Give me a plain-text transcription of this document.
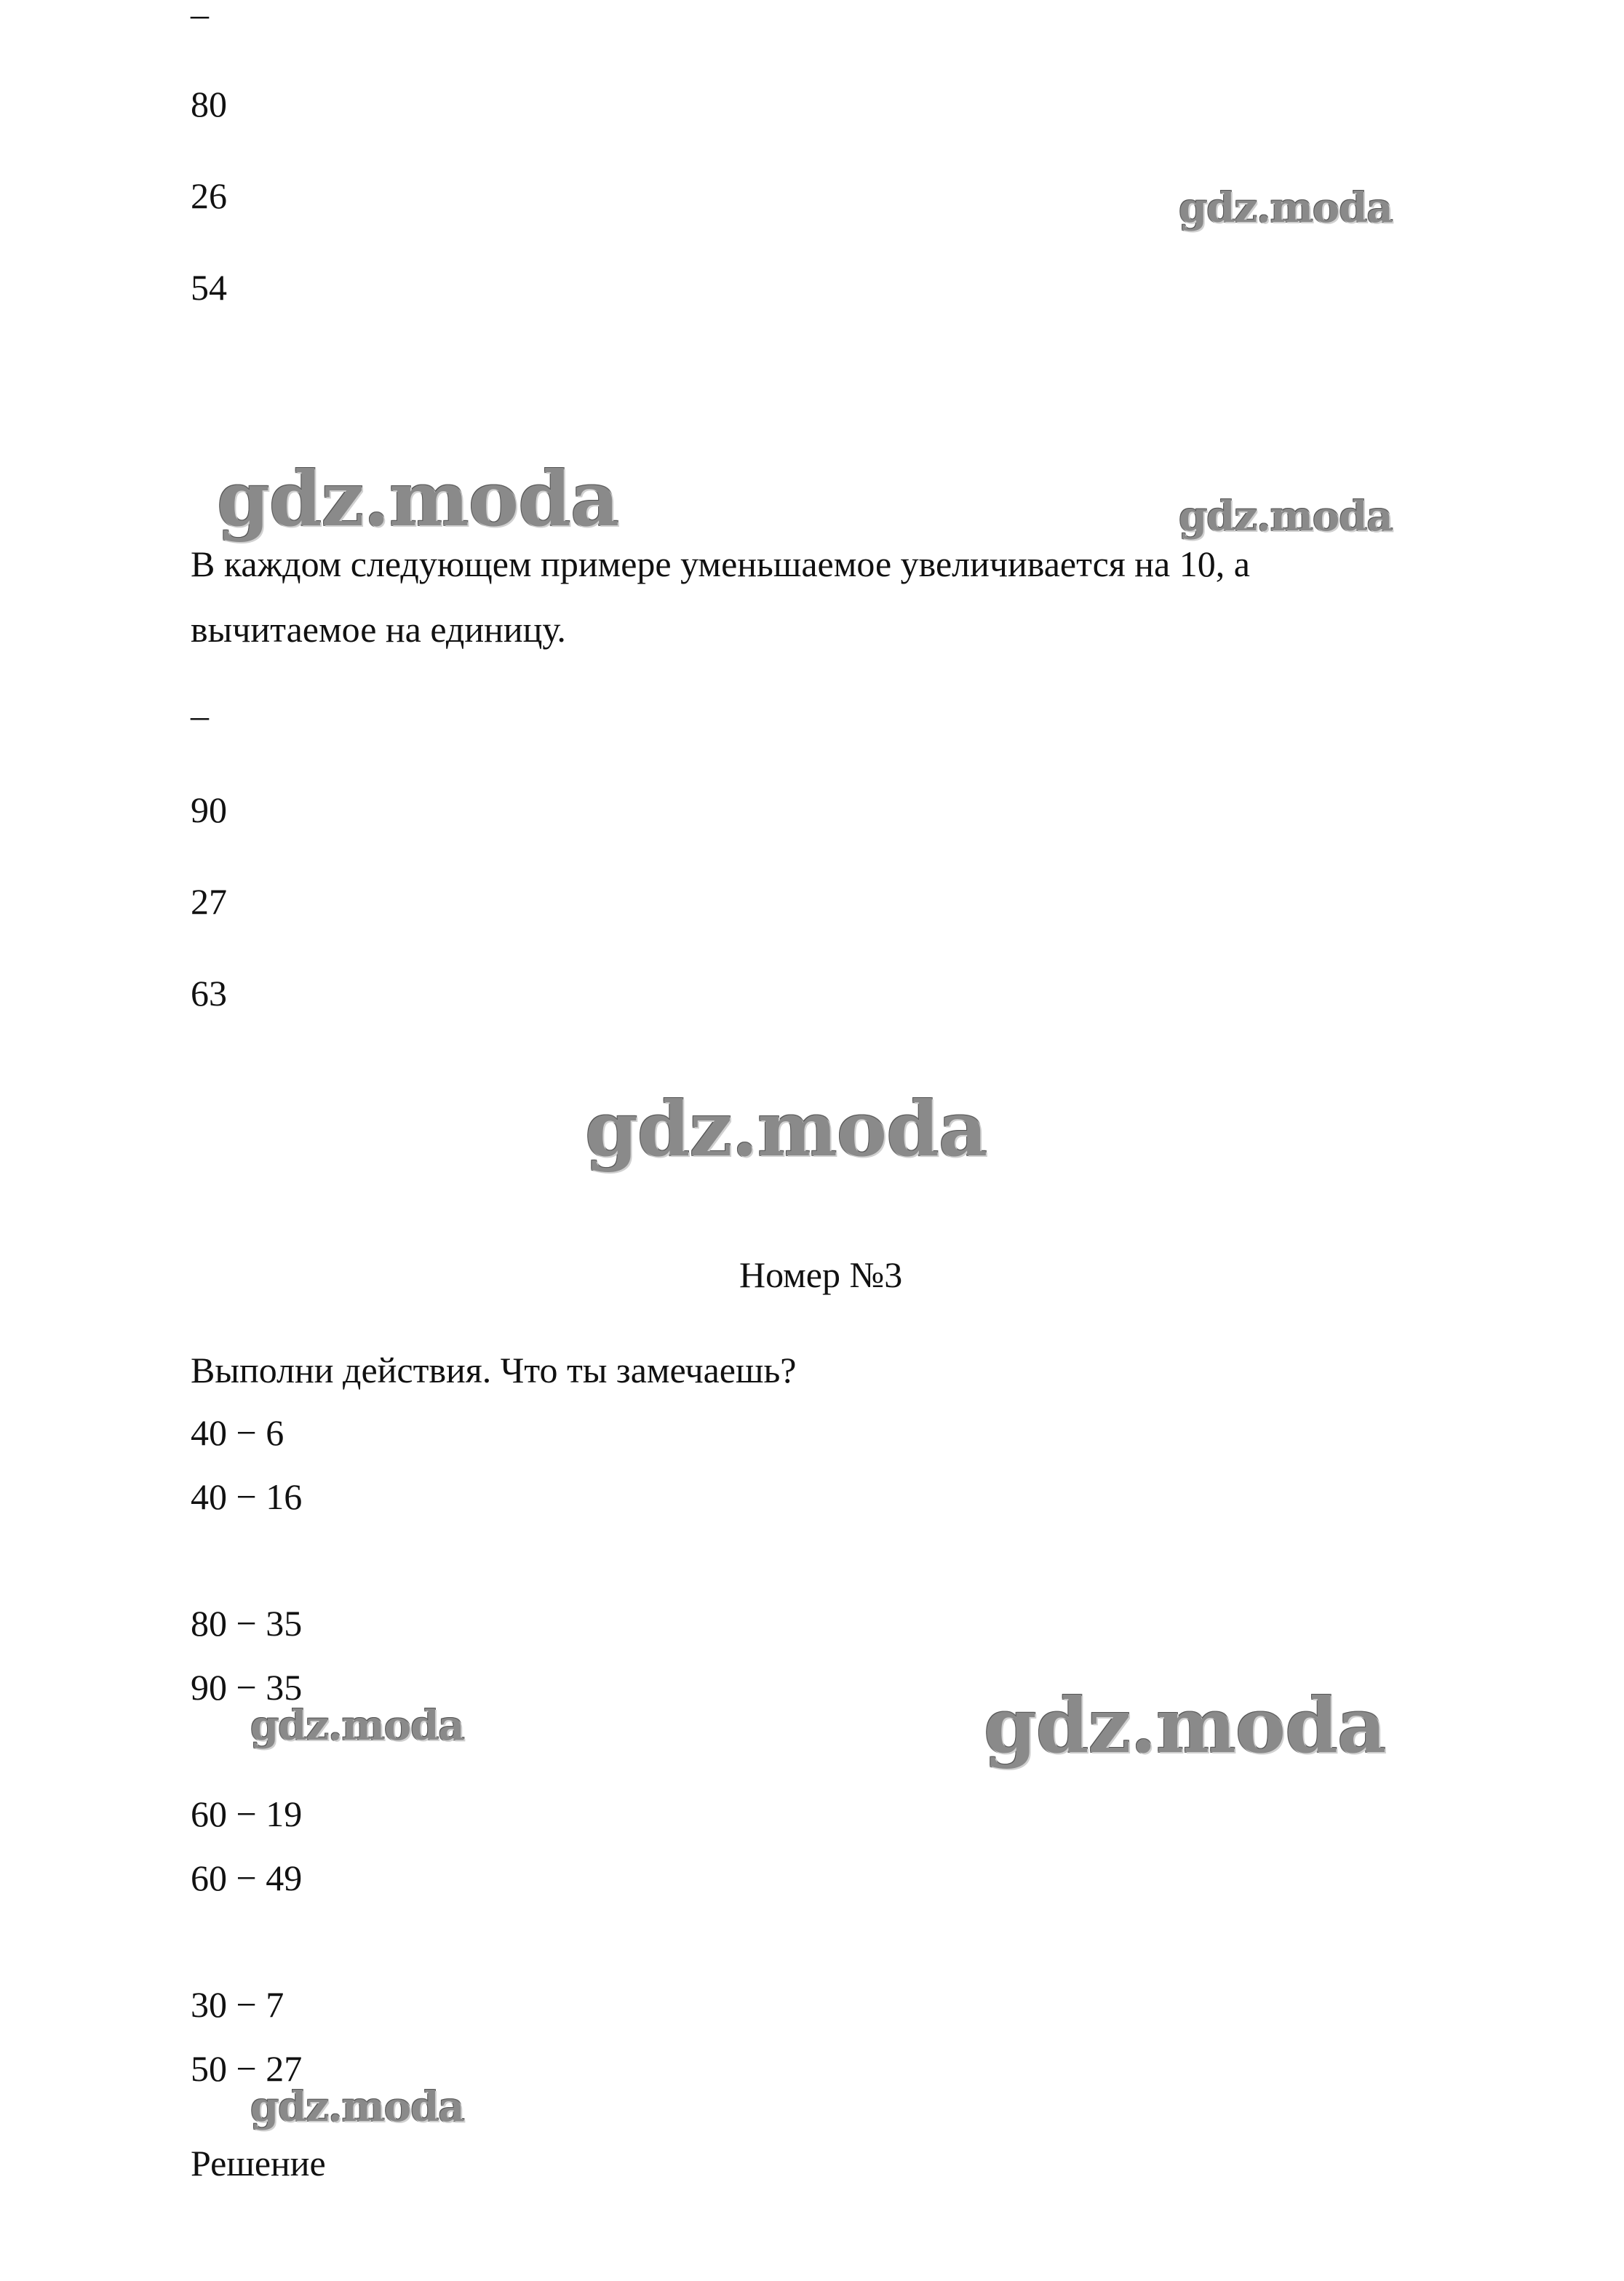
–

80

26

54

В каждом следующем примере уменьшаемое увеличивается на 10, а

вычитаемое на единицу.

–

90

27

63

Номер №3

Выполни действия. Что ты замечаешь?

40 − 6

40 − 16

80 − 35

90 − 35

60 − 19

60 − 49

30 − 7

50 − 27

Решение

gdz.moda
gdz.moda	gdz.moda
gdz.moda
gdz.moda	gdz.moda
gdz.moda
